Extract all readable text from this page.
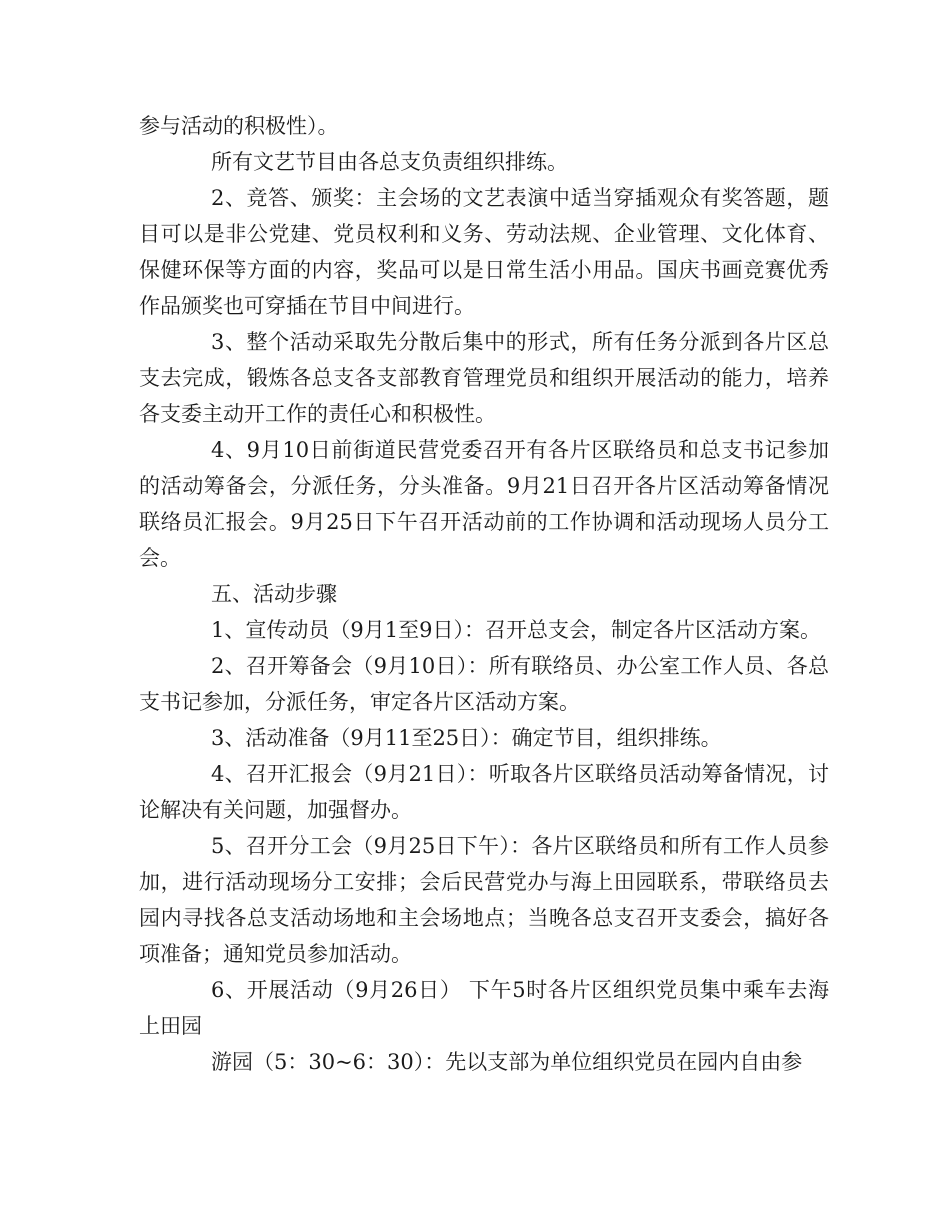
参与活动的积极性）。

所有文艺节目由各总支负责组织排练。

2、竞答、颁奖：主会场的文艺表演中适当穿插观众有奖答题，题目可以是非公党建、党员权利和义务、劳动法规、企业管理、文化体育、保健环保等方面的内容，奖品可以是日常生活小用品。国庆书画竞赛优秀作品颁奖也可穿插在节目中间进行。

3、整个活动采取先分散后集中的形式，所有任务分派到各片区总支去完成，锻炼各总支各支部教育管理党员和组织开展活动的能力，培养各支委主动开工作的责任心和积极性。

4、9月10日前街道民营党委召开有各片区联络员和总支书记参加的活动筹备会，分派任务，分头准备。9月21日召开各片区活动筹备情况联络员汇报会。9月25日下午召开活动前的工作协调和活动现场人员分工会。

五、活动步骤

1、宣传动员（9月1至9日）：召开总支会，制定各片区活动方案。

2、召开筹备会（9月10日）：所有联络员、办公室工作人员、各总支书记参加，分派任务，审定各片区活动方案。

3、活动准备（9月11至25日）：确定节目，组织排练。

4、召开汇报会（9月21日）：听取各片区联络员活动筹备情况，讨论解决有关问题，加强督办。

5、召开分工会（9月25日下午）：各片区联络员和所有工作人员参加，进行活动现场分工安排；会后民营党办与海上田园联系，带联络员去园内寻找各总支活动场地和主会场地点；当晚各总支召开支委会，搞好各项准备；通知党员参加活动。

6、开展活动（9月26日） 下午5时各片区组织党员集中乘车去海上田园

游园（5：30~6：30）：先以支部为单位组织党员在园内自由参
